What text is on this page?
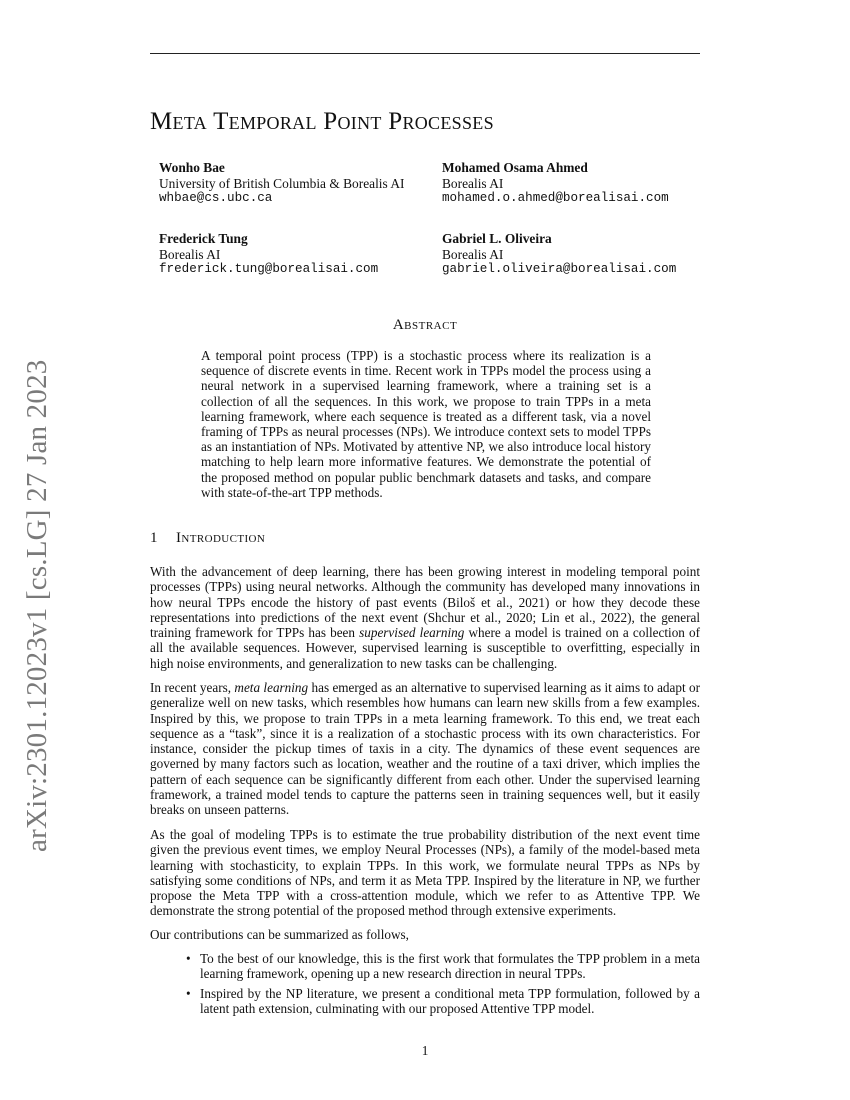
Meta Temporal Point Processes
Wonho Bae
University of British Columbia & Borealis AI
whbae@cs.ubc.ca
Mohamed Osama Ahmed
Borealis AI
mohamed.o.ahmed@borealisai.com
Frederick Tung
Borealis AI
frederick.tung@borealisai.com
Gabriel L. Oliveira
Borealis AI
gabriel.oliveira@borealisai.com
arXiv:2301.12023v1 [cs.LG] 27 Jan 2023
Abstract
A temporal point process (TPP) is a stochastic process where its realization is a sequence of discrete events in time. Recent work in TPPs model the process using a neural network in a supervised learning framework, where a training set is a collection of all the sequences. In this work, we propose to train TPPs in a meta learning framework, where each sequence is treated as a different task, via a novel framing of TPPs as neural processes (NPs). We introduce context sets to model TPPs as an instantiation of NPs. Motivated by attentive NP, we also introduce local history matching to help learn more informative features. We demonstrate the potential of the proposed method on popular public benchmark datasets and tasks, and compare with state-of-the-art TPP methods.
1 Introduction

With the advancement of deep learning, there has been growing interest in modeling temporal point processes (TPPs) using neural networks. Although the community has developed many innovations in how neural TPPs encode the history of past events (Biloš et al., 2021) or how they decode these representations into predictions of the next event (Shchur et al., 2020; Lin et al., 2022), the general training framework for TPPs has been supervised learning where a model is trained on a collection of all the available sequences. However, supervised learning is susceptible to overfitting, especially in high noise environments, and generalization to new tasks can be challenging.

In recent years, meta learning has emerged as an alternative to supervised learning as it aims to adapt or generalize well on new tasks, which resembles how humans can learn new skills from a few examples. Inspired by this, we propose to train TPPs in a meta learning framework. To this end, we treat each sequence as a “task”, since it is a realization of a stochastic process with its own characteristics. For instance, consider the pickup times of taxis in a city. The dynamics of these event sequences are governed by many factors such as location, weather and the routine of a taxi driver, which implies the pattern of each sequence can be significantly different from each other. Under the supervised learning framework, a trained model tends to capture the patterns seen in training sequences well, but it easily breaks on unseen patterns.

As the goal of modeling TPPs is to estimate the true probability distribution of the next event time given the previous event times, we employ Neural Processes (NPs), a family of the model-based meta learning with stochasticity, to explain TPPs. In this work, we formulate neural TPPs as NPs by satisfying some conditions of NPs, and term it as Meta TPP. Inspired by the literature in NP, we further propose the Meta TPP with a cross-attention module, which we refer to as Attentive TPP. We demonstrate the strong potential of the proposed method through extensive experiments.

Our contributions can be summarized as follows,

• To the best of our knowledge, this is the first work that formulates the TPP problem in a meta learning framework, opening up a new research direction in neural TPPs.
• Inspired by the NP literature, we present a conditional meta TPP formulation, followed by a latent path extension, culminating with our proposed Attentive TPP model.
1
